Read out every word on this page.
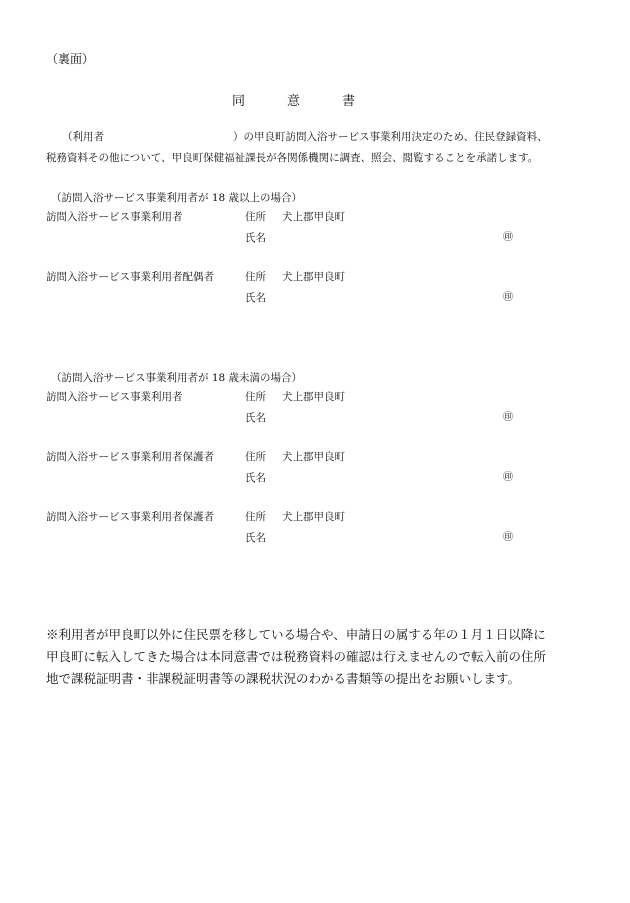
（裏面）
同	意	書
（利用者	）の甲良町訪問入浴サービス事業利用決定のため、住民登録資料、
税務資料その他について、甲良町保健福祉課長が各関係機関に調査、照会、閲覧することを承諾します。
（訪問入浴サービス事業利用者が 18 歳以上の場合）
訪問入浴サービス事業利用者	住所 犬上郡甲良町
氏名	㊞
訪問入浴サービス事業利用者配偶者	住所 犬上郡甲良町
氏名	㊞
（訪問入浴サービス事業利用者が 18 歳未満の場合）
訪問入浴サービス事業利用者	住所 犬上郡甲良町
氏名	㊞
訪問入浴サービス事業利用者保護者	住所 犬上郡甲良町
氏名	㊞
訪問入浴サービス事業利用者保護者	住所 犬上郡甲良町
氏名	㊞
※利用者が甲良町以外に住民票を移している場合や、申請日の属する年の１月１日以降に
甲良町に転入してきた場合は本同意書では税務資料の確認は行えませんので転入前の住所
地で課税証明書・非課税証明書等の課税状況のわかる書類等の提出をお願いします。
